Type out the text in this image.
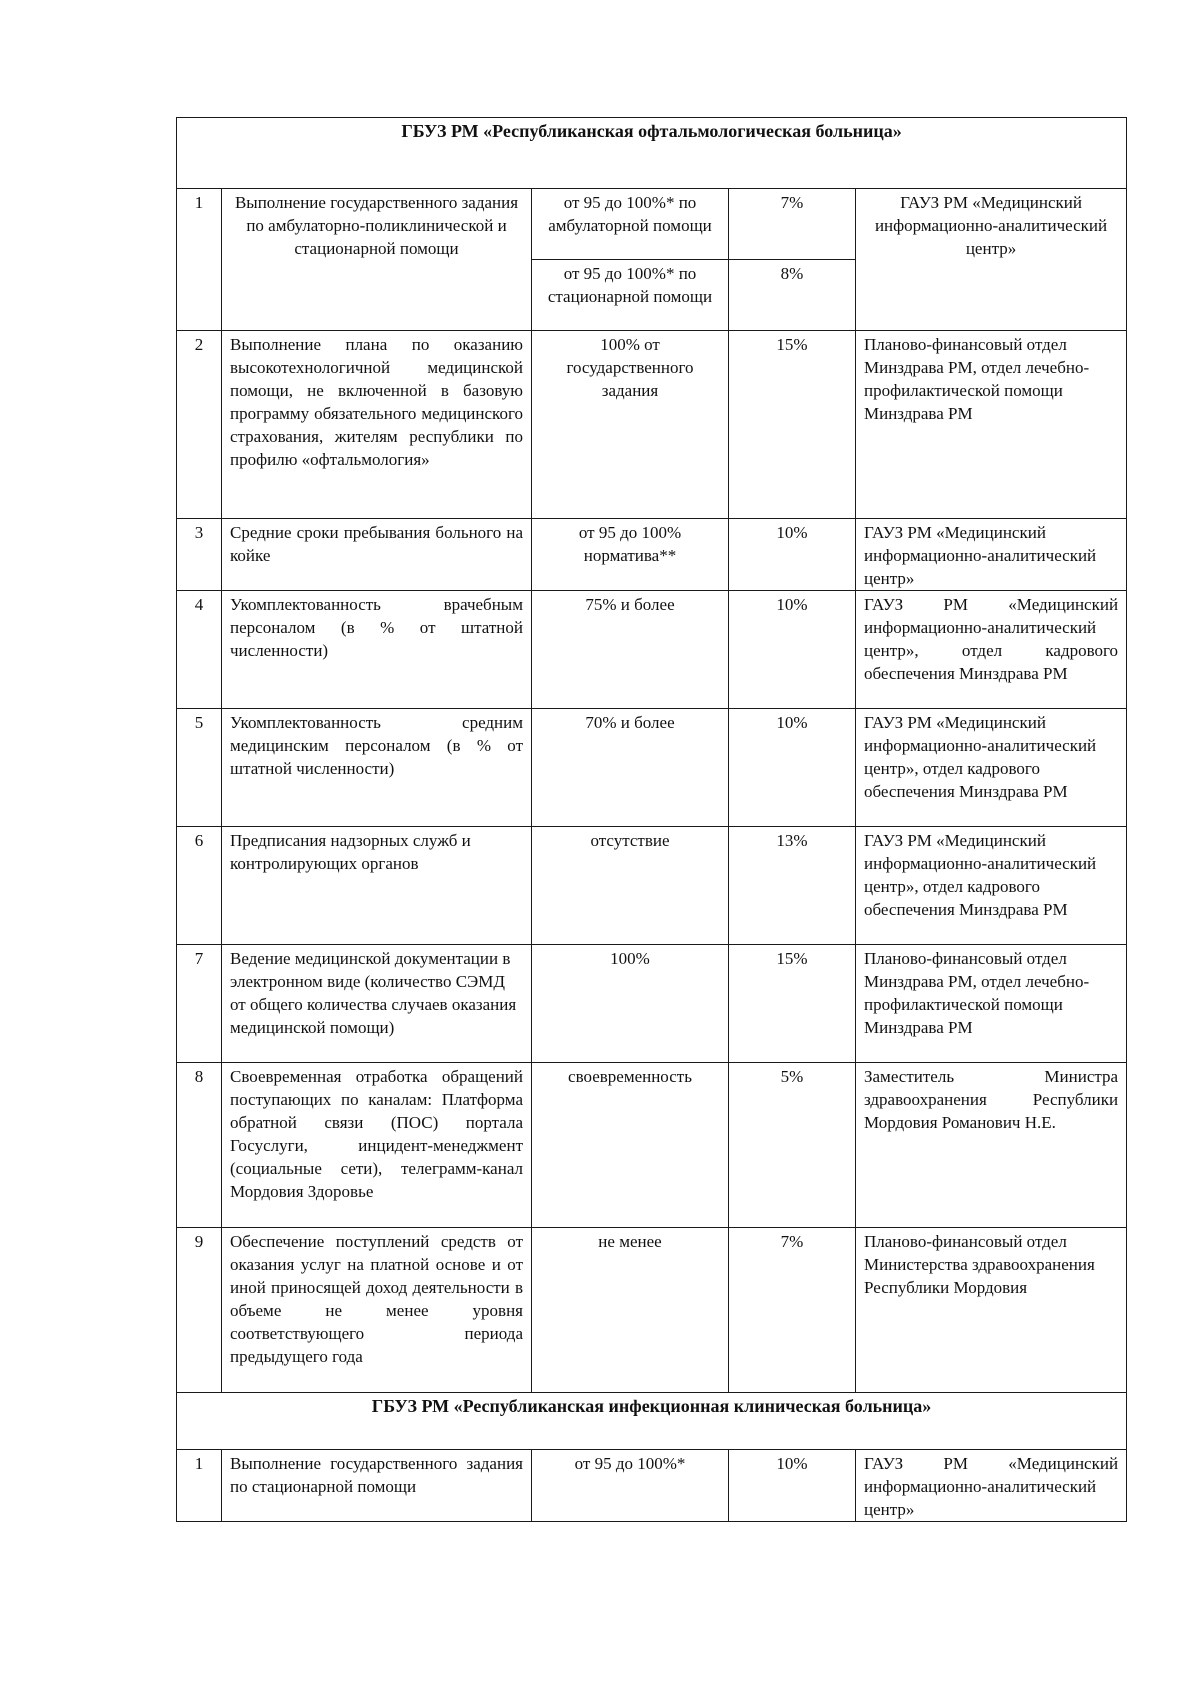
ГБУЗ РМ «Республиканская офтальмологическая больница»				
1	Выполнение государственного задания по амбулаторно-поликлинической и стационарной помощи	от 95 до 100%* по амбулаторной помощи	7%	ГАУЗ РМ «Медицинский информационно-аналитический центр»
		от 95 до 100%* по стационарной помощи	8%	
2	Выполнение плана по оказанию высокотехнологичной медицинской помощи, не включенной в базовую программу обязательного медицинского страхования, жителям республики по профилю «офтальмология»	100% от государственного задания	15%	Планово-финансовый отдел Минздрава РМ, отдел лечебно-профилактической помощи Минздрава РМ
3	Средние сроки пребывания больного на койке	от 95 до 100% норматива**	10%	ГАУЗ РМ «Медицинский информационно-аналитический центр»
4	Укомплектованность врачебным персоналом (в % от штатной численности)	75% и более	10%	ГАУЗ РМ «Медицинский информационно-аналитический центр», отдел кадрового обеспечения Минздрава РМ
5	Укомплектованность средним медицинским персоналом (в % от штатной численности)	70% и более	10%	ГАУЗ РМ «Медицинский информационно-аналитический центр», отдел кадрового обеспечения Минздрава РМ
6	Предписания надзорных служб и контролирующих органов	отсутствие	13%	ГАУЗ РМ «Медицинский информационно-аналитический центр», отдел кадрового обеспечения Минздрава РМ
7	Ведение медицинской документации в электронном виде (количество СЭМД от общего количества случаев оказания медицинской помощи)	100%	15%	Планово-финансовый отдел Минздрава РМ, отдел лечебно-профилактической помощи Минздрава РМ
8	Своевременная отработка обращений поступающих по каналам: Платформа обратной связи (ПОС) портала Госуслуги, инцидент-менеджмент (социальные сети), телеграмм-канал Мордовия Здоровье	своевременность	5%	Заместитель Министра здравоохранения Республики Мордовия Романович Н.Е.
9	Обеспечение поступлений средств от оказания услуг на платной основе и от иной приносящей доход деятельности в объеме не менее уровня соответствующего периода предыдущего года	не менее	7%	Планово-финансовый отдел Министерства здравоохранения Республики Мордовия
ГБУЗ РМ «Республиканская инфекционная клиническая больница»				
1	Выполнение государственного задания по стационарной помощи	от 95 до 100%*	10%	ГАУЗ РМ «Медицинский информационно-аналитический центр»
